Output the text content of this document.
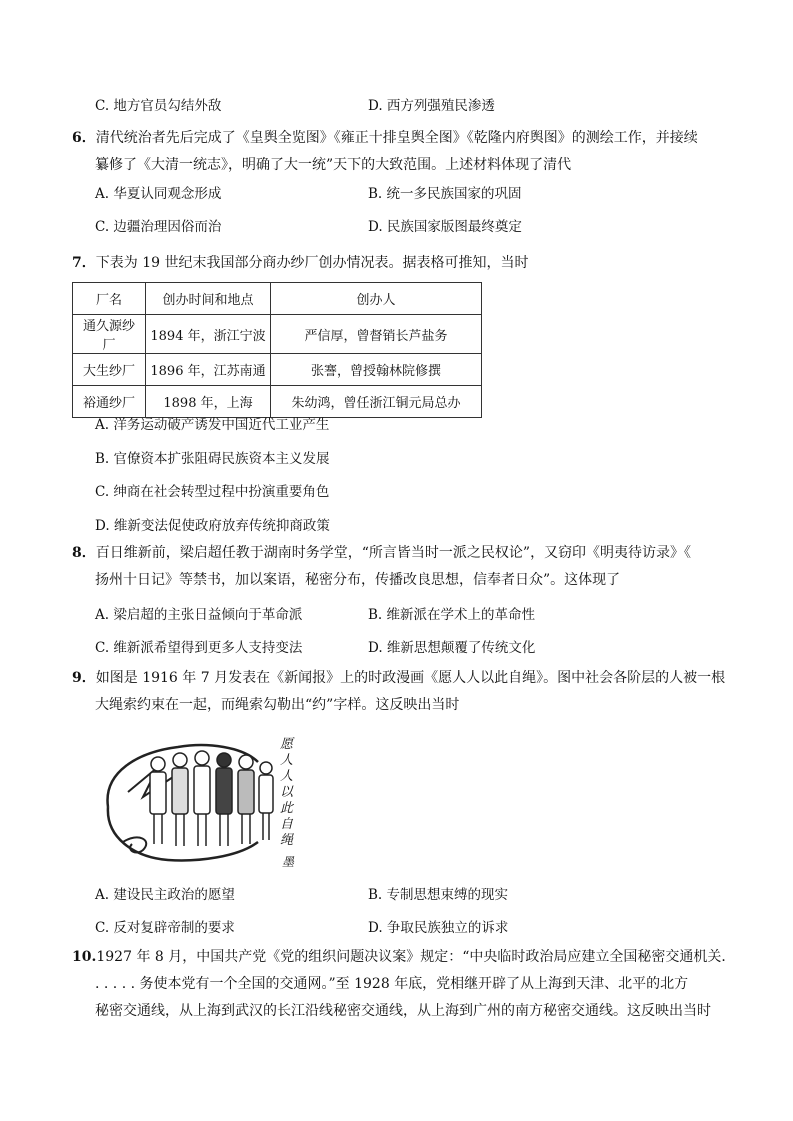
C. 地方官员勾结外敌	D. 西方列强殖民渗透
6．清代统治者先后完成了《皇舆全览图》《雍正十排皇舆全图》《乾隆内府舆图》的测绘工作，并接续
纂修了《大清一统志》，明确了大一统”天下的大致范围。上述材料体现了清代
A. 华夏认同观念形成	B. 统一多民族国家的巩固
C. 边疆治理因俗而治	D. 民族国家版图最终奠定
7．下表为 19 世纪末我国部分商办纱厂创办情况表。据表格可推知，当时
厂名	创办时间和地点	创办人
通久源纱厂	1894 年，浙江宁波	严信厚，曾督销长芦盐务
大生纱厂	1896 年，江苏南通	张謇，曾授翰林院修撰
裕通纱厂	1898 年，上海	朱幼鸿，曾任浙江铜元局总办
A. 洋务运动破产诱发中国近代工业产生
B. 官僚资本扩张阻碍民族资本主义发展
C. 绅商在社会转型过程中扮演重要角色
D. 维新变法促使政府放弃传统抑商政策
8．百日维新前，梁启超任教于湖南时务学堂，“所言皆当时一派之民权论”，又窃印《明夷待访录》《
扬州十日记》等禁书，加以案语，秘密分布，传播改良思想，信奉者日众”。这体现了
A. 梁启超的主张日益倾向于革命派	B. 维新派在学术上的革命性
C. 维新派希望得到更多人支持变法	D. 维新思想颠覆了传统文化
9．如图是 1916 年 7 月发表在《新闻报》上的时政漫画《愿人人以此自绳》。图中社会各阶层的人被一根
大绳索约束在一起，而绳索勾勒出“约”字样。这反映出当时
愿
人
人
以
此
自
绳
墨
A. 建设民主政治的愿望	B. 专制思想束缚的现实
C. 反对复辟帝制的要求	D. 争取民族独立的诉求
10.1927 年 8 月，中国共产党《党的组织问题决议案》规定：“中央临时政治局应建立全国秘密交通机关．
. . . . . 务使本党有一个全国的交通网。”至 1928 年底，党相继开辟了从上海到天津、北平的北方
秘密交通线，从上海到武汉的长江沿线秘密交通线，从上海到广州的南方秘密交通线。这反映出当时
